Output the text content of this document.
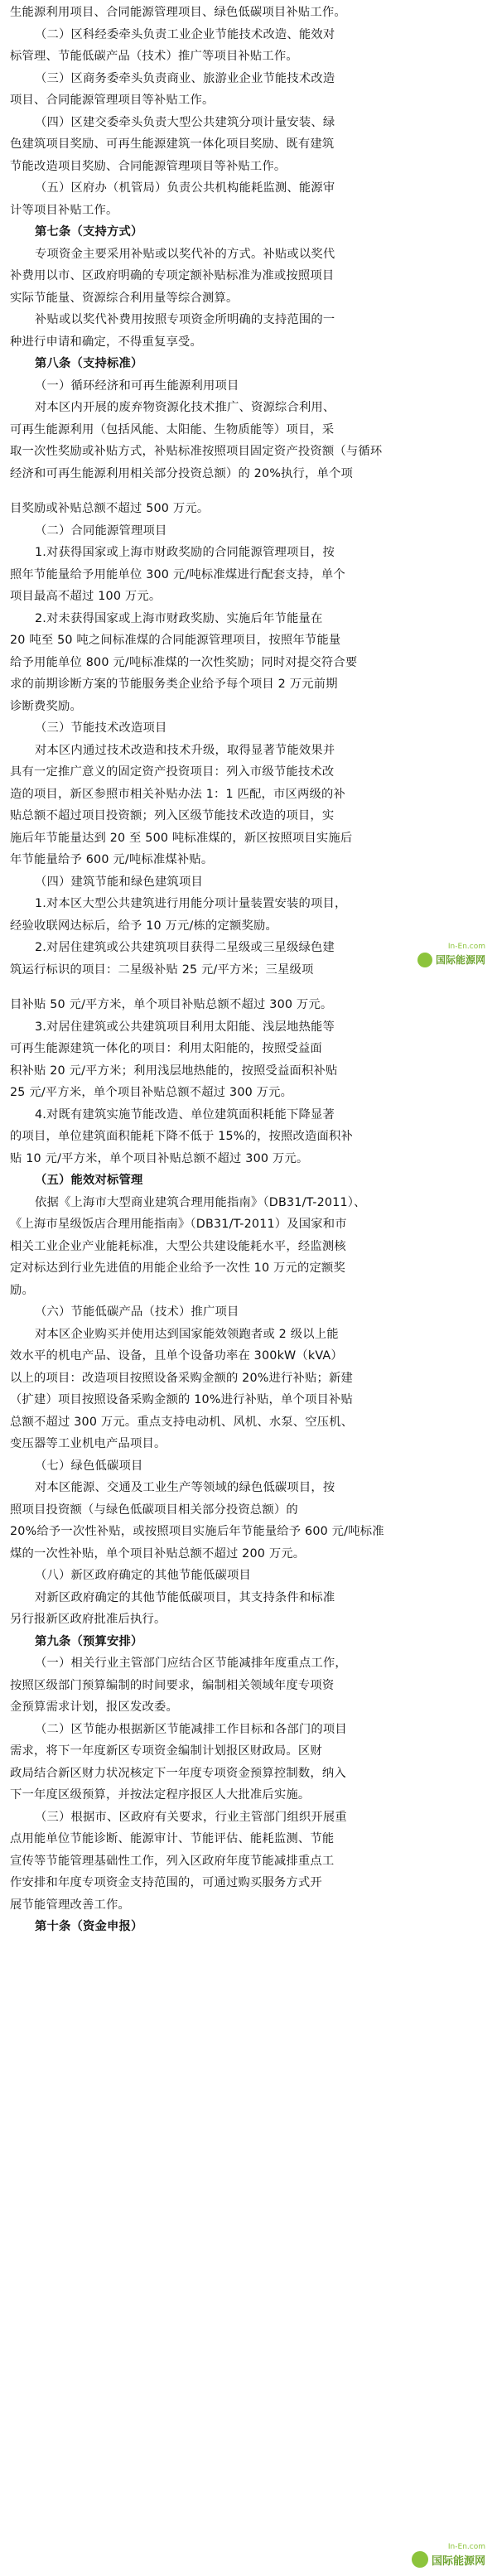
生能源利用项目、合同能源管理项目、绿色低碳项目补贴工作。
（二）区科经委牵头负责工业企业节能技术改造、能效对
标管理、节能低碳产品（技术）推广等项目补贴工作。
（三）区商务委牵头负责商业、旅游业企业节能技术改造
项目、合同能源管理项目等补贴工作。
（四）区建交委牵头负责大型公共建筑分项计量安装、绿
色建筑项目奖励、可再生能源建筑一体化项目奖励、既有建筑
节能改造项目奖励、合同能源管理项目等补贴工作。
（五）区府办（机管局）负责公共机构能耗监测、能源审
计等项目补贴工作。
第七条（支持方式）
专项资金主要采用补贴或以奖代补的方式。补贴或以奖代
补费用以市、区政府明确的专项定额补贴标准为准或按照项目
实际节能量、资源综合利用量等综合测算。
补贴或以奖代补费用按照专项资金所明确的支持范围的一
种进行申请和确定，不得重复享受。
第八条（支持标准）
（一）循环经济和可再生能源利用项目
对本区内开展的废弃物资源化技术推广、资源综合利用、
可再生能源利用（包括风能、太阳能、生物质能等）项目，采
取一次性奖励或补贴方式，补贴标准按照项目固定资产投资额（与循环
经济和可再生能源利用相关部分投资总额）的 20%执行，单个项
目奖励或补贴总额不超过 500 万元。
（二）合同能源管理项目
1.对获得国家或上海市财政奖励的合同能源管理项目，按
照年节能量给予用能单位 300 元/吨标准煤进行配套支持，单个
项目最高不超过 100 万元。
2.对未获得国家或上海市财政奖励、实施后年节能量在
20 吨至 50 吨之间标准煤的合同能源管理项目，按照年节能量
给予用能单位 800 元/吨标准煤的一次性奖励；同时对提交符合要
求的前期诊断方案的节能服务类企业给予每个项目 2 万元前期
诊断费奖励。
（三）节能技术改造项目
对本区内通过技术改造和技术升级，取得显著节能效果并
具有一定推广意义的固定资产投资项目：列入市级节能技术改
造的项目，新区参照市相关补贴办法 1：1 匹配，市区两级的补
贴总额不超过项目投资额；列入区级节能技术改造的项目，实
施后年节能量达到 20 至 500 吨标准煤的，新区按照项目实施后
年节能量给予 600 元/吨标准煤补贴。
（四）建筑节能和绿色建筑项目
1.对本区大型公共建筑进行用能分项计量装置安装的项目，
经验收联网达标后，给予 10 万元/栋的定额奖励。
2.对居住建筑或公共建筑项目获得二星级或三星级绿色建
筑运行标识的项目：二星级补贴 25 元/平方米；三星级项
目补贴 50 元/平方米，单个项目补贴总额不超过 300 万元。
3.对居住建筑或公共建筑项目利用太阳能、浅层地热能等
可再生能源建筑一体化的项目：利用太阳能的，按照受益面
积补贴 20 元/平方米；利用浅层地热能的，按照受益面积补贴
25 元/平方米，单个项目补贴总额不超过 300 万元。
4.对既有建筑实施节能改造、单位建筑面积耗能下降显著
的项目，单位建筑面积能耗下降不低于 15%的，按照改造面积补
贴 10 元/平方米，单个项目补贴总额不超过 300 万元。
（五）能效对标管理
依据《上海市大型商业建筑合理用能指南》（DB31/T-2011）、
《上海市星级饭店合理用能指南》（DB31/T-2011）及国家和市
相关工业企业产业能耗标准，大型公共建设能耗水平，经监测核
定对标达到行业先进值的用能企业给予一次性 10 万元的定额奖
励。
（六）节能低碳产品（技术）推广项目
对本区企业购买并使用达到国家能效领跑者或 2 级以上能
效水平的机电产品、设备，且单个设备功率在 300kW（kVA）
以上的项目：改造项目按照设备采购金额的 20%进行补贴；新建
（扩建）项目按照设备采购金额的 10%进行补贴，单个项目补贴
总额不超过 300 万元。重点支持电动机、风机、水泵、空压机、
变压器等工业机电产品项目。
（七）绿色低碳项目
对本区能源、交通及工业生产等领域的绿色低碳项目，按
照项目投资额（与绿色低碳项目相关部分投资总额）的
20%给予一次性补贴，或按照项目实施后年节能量给予 600 元/吨标准
煤的一次性补贴，单个项目补贴总额不超过 200 万元。
（八）新区政府确定的其他节能低碳项目
对新区政府确定的其他节能低碳项目，其支持条件和标准
另行报新区政府批准后执行。
第九条（预算安排）
（一）相关行业主管部门应结合区节能减排年度重点工作，
按照区级部门预算编制的时间要求，编制相关领域年度专项资
金预算需求计划，报区发改委。
（二）区节能办根据新区节能减排工作目标和各部门的项目
需求，将下一年度新区专项资金编制计划报区财政局。区财
政局结合新区财力状况核定下一年度专项资金预算控制数，纳入
下一年度区级预算，并按法定程序报区人大批准后实施。
（三）根据市、区政府有关要求，行业主管部门组织开展重
点用能单位节能诊断、能源审计、节能评估、能耗监测、节能
宣传等节能管理基础性工作，列入区政府年度节能减排重点工
作安排和年度专项资金支持范围的，可通过购买服务方式开
展节能管理改善工作。
第十条（资金申报）
In-En.com
国际能源网
In-En.com
国际能源网
